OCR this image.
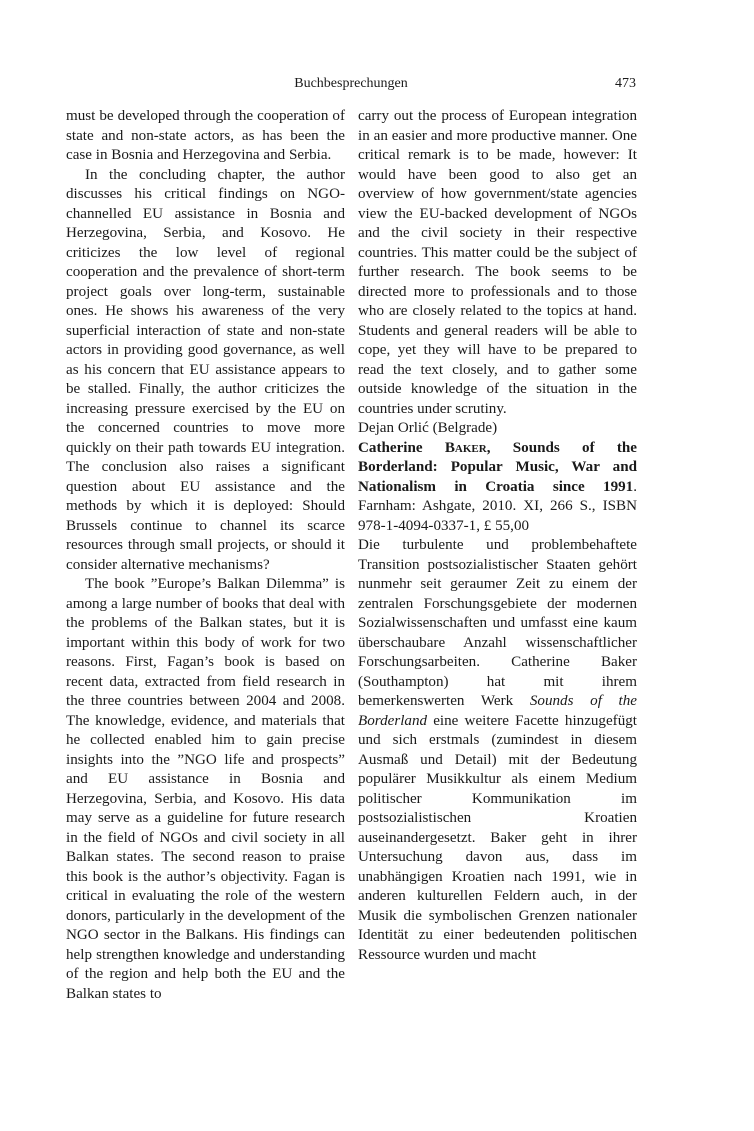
Buchbesprechungen	473

must be developed through the cooperation of state and non-state actors, as has been the case in Bosnia and Herzegovina and Serbia.

In the concluding chapter, the author discusses his critical findings on NGO-channelled EU assistance in Bosnia and Herzegovina, Serbia, and Kosovo. He criticizes the low level of regional cooperation and the prevalence of short-term project goals over long-term, sustainable ones. He shows his awareness of the very superficial interaction of state and non-state actors in providing good governance, as well as his concern that EU assistance appears to be stalled. Finally, the author criticizes the increasing pressure exercised by the EU on the concerned countries to move more quickly on their path towards EU integration. The conclusion also raises a significant question about EU assistance and the methods by which it is deployed: Should Brussels continue to channel its scarce resources through small projects, or should it consider alternative mechanisms?

The book ”Europe’s Balkan Dilemma” is among a large number of books that deal with the problems of the Balkan states, but it is important within this body of work for two reasons. First, Fagan’s book is based on recent data, extracted from field research in the three countries between 2004 and 2008. The knowledge, evidence, and materials that he collected enabled him to gain precise insights into the ”NGO life and prospects” and EU assistance in Bosnia and Herzegovina, Serbia, and Kosovo. His data may serve as a guideline for future research in the field of NGOs and civil society in all Balkan states. The second reason to praise this book is the author’s objectivity. Fagan is critical in evaluating the role of the western donors, particularly in the development of the NGO sector in the Balkans. His findings can help strengthen knowledge and understanding of the region and help both the EU and the Balkan states to

carry out the process of European integration in an easier and more productive manner. One critical remark is to be made, however: It would have been good to also get an overview of how government/state agencies view the EU-backed development of NGOs and the civil society in their respective countries. This matter could be the subject of further research. The book seems to be directed more to professionals and to those who are closely related to the topics at hand. Students and general readers will be able to cope, yet they will have to be prepared to read the text closely, and to gather some outside knowledge of the situation in the countries under scrutiny.

Dejan Orlić (Belgrade)

Catherine Baker, Sounds of the Borderland: Popular Music, War and Nationalism in Croatia since 1991. Farnham: Ashgate, 2010. XI, 266 S., ISBN 978-1-4094-0337-1, £ 55,00

Die turbulente und problembehaftete Transition postsozialistischer Staaten gehört nunmehr seit geraumer Zeit zu einem der zentralen Forschungsgebiete der modernen Sozialwissenschaften und umfasst eine kaum überschaubare Anzahl wissenschaftlicher Forschungsarbeiten. Catherine Baker (Southampton) hat mit ihrem bemerkenswerten Werk Sounds of the Borderland eine weitere Facette hinzugefügt und sich erstmals (zumindest in diesem Ausmaß und Detail) mit der Bedeutung populärer Musikkultur als einem Medium politischer Kommunikation im postsozialistischen Kroatien auseinandergesetzt. Baker geht in ihrer Untersuchung davon aus, dass im unabhängigen Kroatien nach 1991, wie in anderen kulturellen Feldern auch, in der Musik die symbolischen Grenzen nationaler Identität zu einer bedeutenden politischen Ressource wurden und macht
